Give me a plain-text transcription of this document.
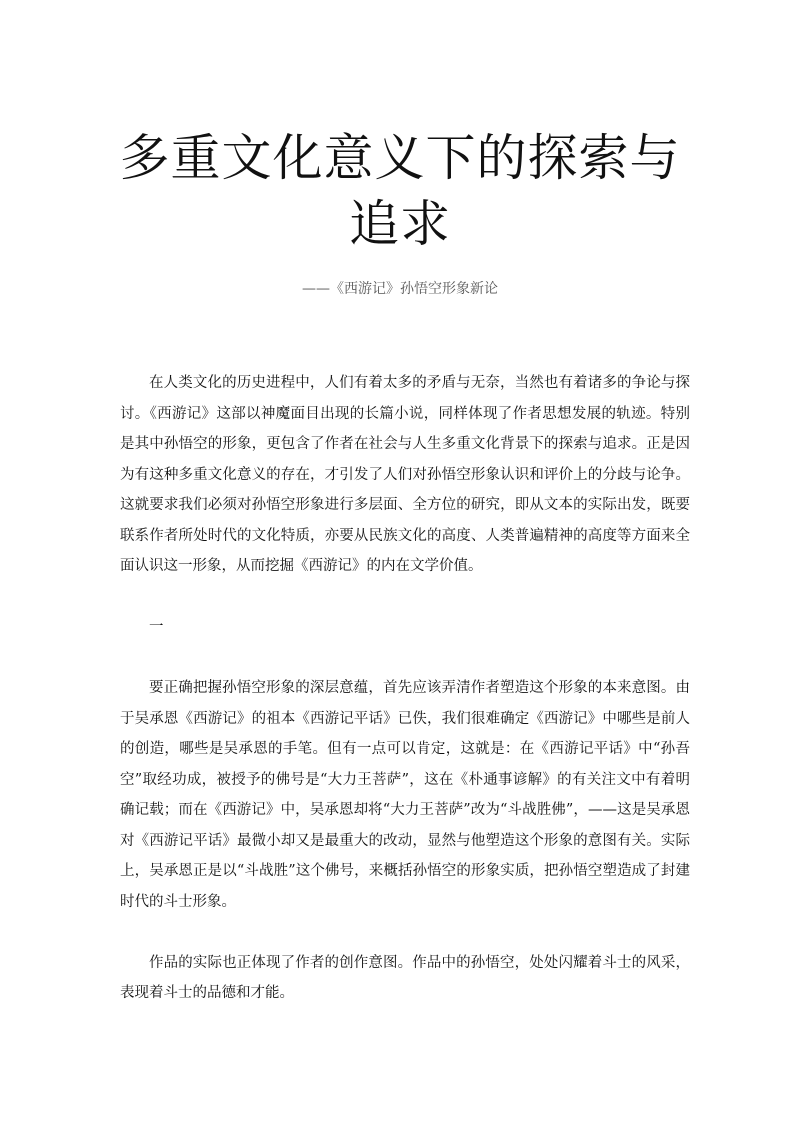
多重文化意义下的探索与追求

——《西游记》孙悟空形象新论

在人类文化的历史进程中，人们有着太多的矛盾与无奈，当然也有着诸多的争论与探讨。《西游记》这部以神魔面目出现的长篇小说，同样体现了作者思想发展的轨迹。特别是其中孙悟空的形象，更包含了作者在社会与人生多重文化背景下的探索与追求。正是因为有这种多重文化意义的存在，才引发了人们对孙悟空形象认识和评价上的分歧与论争。这就要求我们必须对孙悟空形象进行多层面、全方位的研究，即从文本的实际出发，既要联系作者所处时代的文化特质，亦要从民族文化的高度、人类普遍精神的高度等方面来全面认识这一形象，从而挖掘《西游记》的内在文学价值。

一

要正确把握孙悟空形象的深层意蕴，首先应该弄清作者塑造这个形象的本来意图。由于吴承恩《西游记》的祖本《西游记平话》已佚，我们很难确定《西游记》中哪些是前人的创造，哪些是吴承恩的手笔。但有一点可以肯定，这就是：在《西游记平话》中“孙吾空”取经功成，被授予的佛号是“大力王菩萨”，这在《朴通事谚解》的有关注文中有着明确记载；而在《西游记》中，吴承恩却将“大力王菩萨”改为“斗战胜佛”，——这是吴承恩对《西游记平话》最微小却又是最重大的改动，显然与他塑造这个形象的意图有关。实际上，吴承恩正是以“斗战胜”这个佛号，来概括孙悟空的形象实质，把孙悟空塑造成了封建时代的斗士形象。

作品的实际也正体现了作者的创作意图。作品中的孙悟空，处处闪耀着斗士的风采，表现着斗士的品德和才能。
